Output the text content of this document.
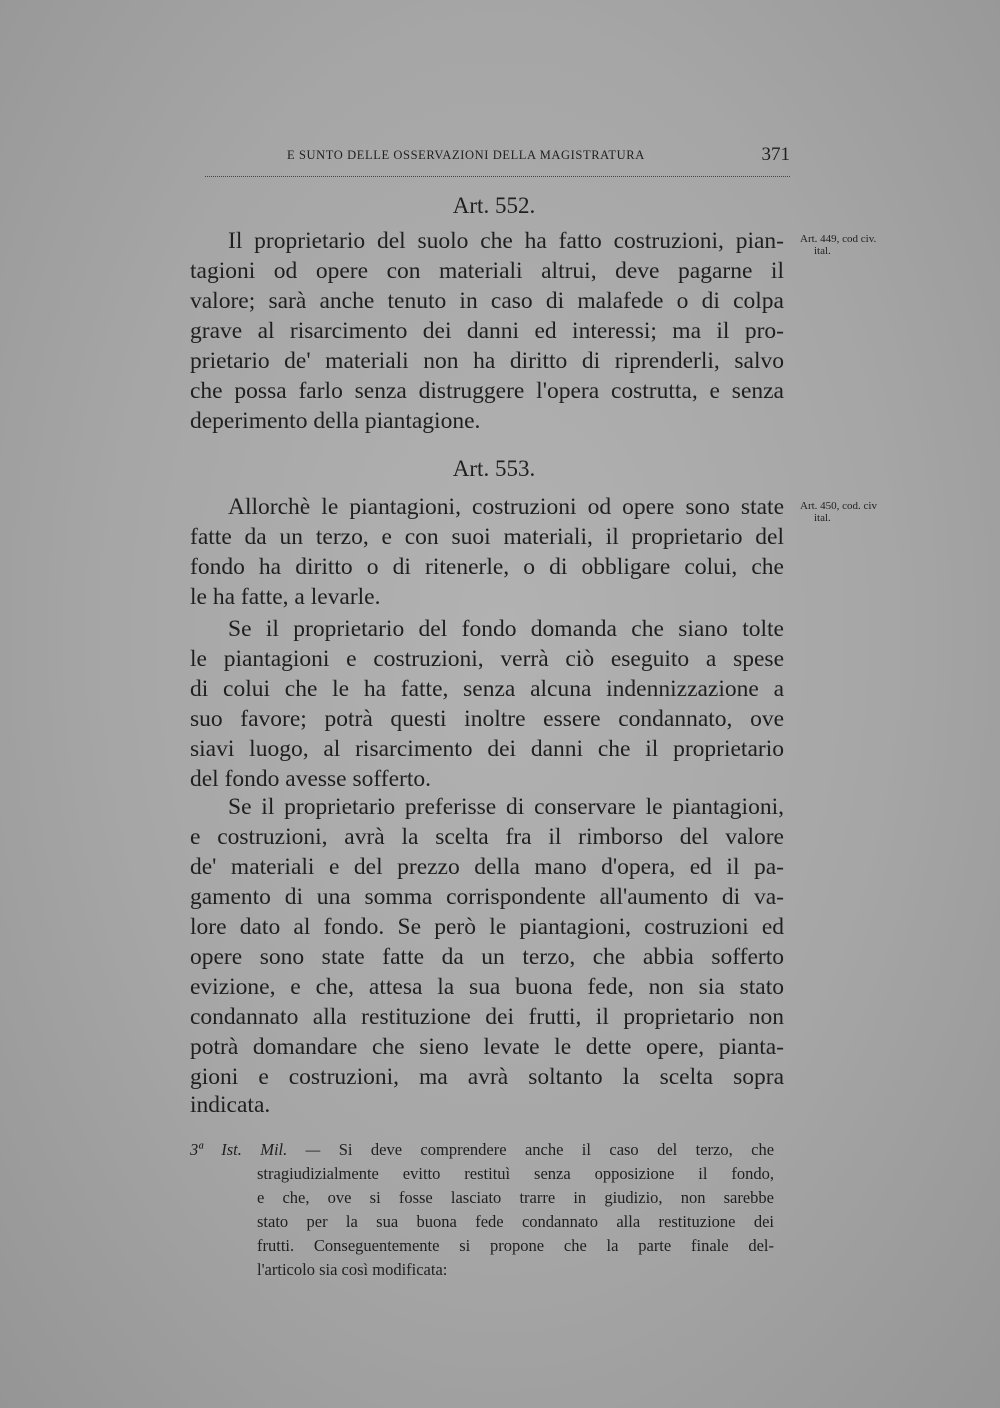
E SUNTO DELLE OSSERVAZIONI DELLA MAGISTRATURA	371
Art. 552.
Art. 449, cod civ.
ital.
Il proprietario del suolo che ha fatto costruzioni, pian-
tagioni od opere con materiali altrui, deve pagarne il
valore; sarà anche tenuto in caso di malafede o di colpa
grave al risarcimento dei danni ed interessi; ma il pro-
prietario de' materiali non ha diritto di riprenderli, salvo
che possa farlo senza distruggere l'opera costrutta, e senza
deperimento della piantagione.
Art. 553.
Art. 450, cod. civ
ital.
Allorchè le piantagioni, costruzioni od opere sono state
fatte da un terzo, e con suoi materiali, il proprietario del
fondo ha diritto o di ritenerle, o di obbligare colui, che
le ha fatte, a levarle.
Se il proprietario del fondo domanda che siano tolte
le piantagioni e costruzioni, verrà ciò eseguito a spese
di colui che le ha fatte, senza alcuna indennizzazione a
suo favore; potrà questi inoltre essere condannato, ove
siavi luogo, al risarcimento dei danni che il proprietario
del fondo avesse sofferto.
Se il proprietario preferisse di conservare le piantagioni,
e costruzioni, avrà la scelta fra il rimborso del valore
de' materiali e del prezzo della mano d'opera, ed il pa-
gamento di una somma corrispondente all'aumento di va-
lore dato al fondo. Se però le piantagioni, costruzioni ed
opere sono state fatte da un terzo, che abbia sofferto
evizione, e che, attesa la sua buona fede, non sia stato
condannato alla restituzione dei frutti, il proprietario non
potrà domandare che sieno levate le dette opere, pianta-
gioni e costruzioni, ma avrà soltanto la scelta sopra
indicata.
3ª Ist. Mil. — Si deve comprendere anche il caso del terzo, che
stragiudizialmente evitto restituì senza opposizione il fondo,
e che, ove si fosse lasciato trarre in giudizio, non sarebbe
stato per la sua buona fede condannato alla restituzione dei
frutti. Conseguentemente si propone che la parte finale del-
l'articolo sia così modificata:
